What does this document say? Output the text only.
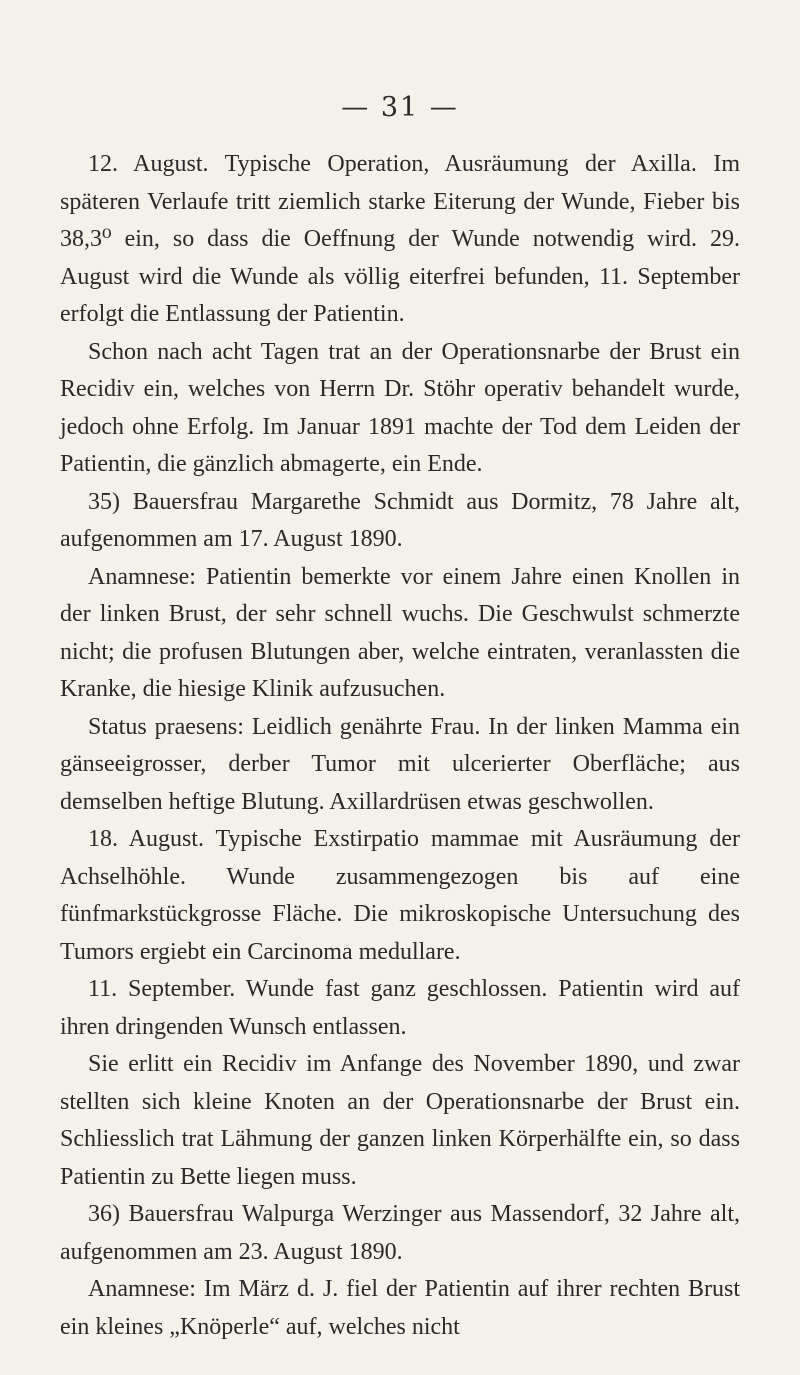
— 31 —

12. August. Typische Operation, Ausräumung der Axilla. Im späteren Verlaufe tritt ziemlich starke Eiterung der Wunde, Fieber bis 38,3⁰ ein, so dass die Oeffnung der Wunde notwendig wird. 29. August wird die Wunde als völlig eiterfrei befunden, 11. September erfolgt die Entlassung der Patientin.

Schon nach acht Tagen trat an der Operationsnarbe der Brust ein Recidiv ein, welches von Herrn Dr. Stöhr operativ behandelt wurde, jedoch ohne Erfolg. Im Januar 1891 machte der Tod dem Leiden der Patientin, die gänzlich abmagerte, ein Ende.

35) Bauersfrau Margarethe Schmidt aus Dormitz, 78 Jahre alt, aufgenommen am 17. August 1890.

Anamnese: Patientin bemerkte vor einem Jahre einen Knollen in der linken Brust, der sehr schnell wuchs. Die Geschwulst schmerzte nicht; die profusen Blutungen aber, welche eintraten, veranlassten die Kranke, die hiesige Klinik aufzusuchen.

Status praesens: Leidlich genährte Frau. In der linken Mamma ein gänseeigrosser, derber Tumor mit ulcerierter Oberfläche; aus demselben heftige Blutung. Axillardrüsen etwas geschwollen.

18. August. Typische Exstirpatio mammae mit Ausräumung der Achselhöhle. Wunde zusammengezogen bis auf eine fünfmarkstückgrosse Fläche. Die mikroskopische Untersuchung des Tumors ergiebt ein Carcinoma medullare.

11. September. Wunde fast ganz geschlossen. Patientin wird auf ihren dringenden Wunsch entlassen.

Sie erlitt ein Recidiv im Anfange des November 1890, und zwar stellten sich kleine Knoten an der Operationsnarbe der Brust ein. Schliesslich trat Lähmung der ganzen linken Körperhälfte ein, so dass Patientin zu Bette liegen muss.

36) Bauersfrau Walpurga Werzinger aus Massendorf, 32 Jahre alt, aufgenommen am 23. August 1890.

Anamnese: Im März d. J. fiel der Patientin auf ihrer rechten Brust ein kleines „Knöperle“ auf, welches nicht
